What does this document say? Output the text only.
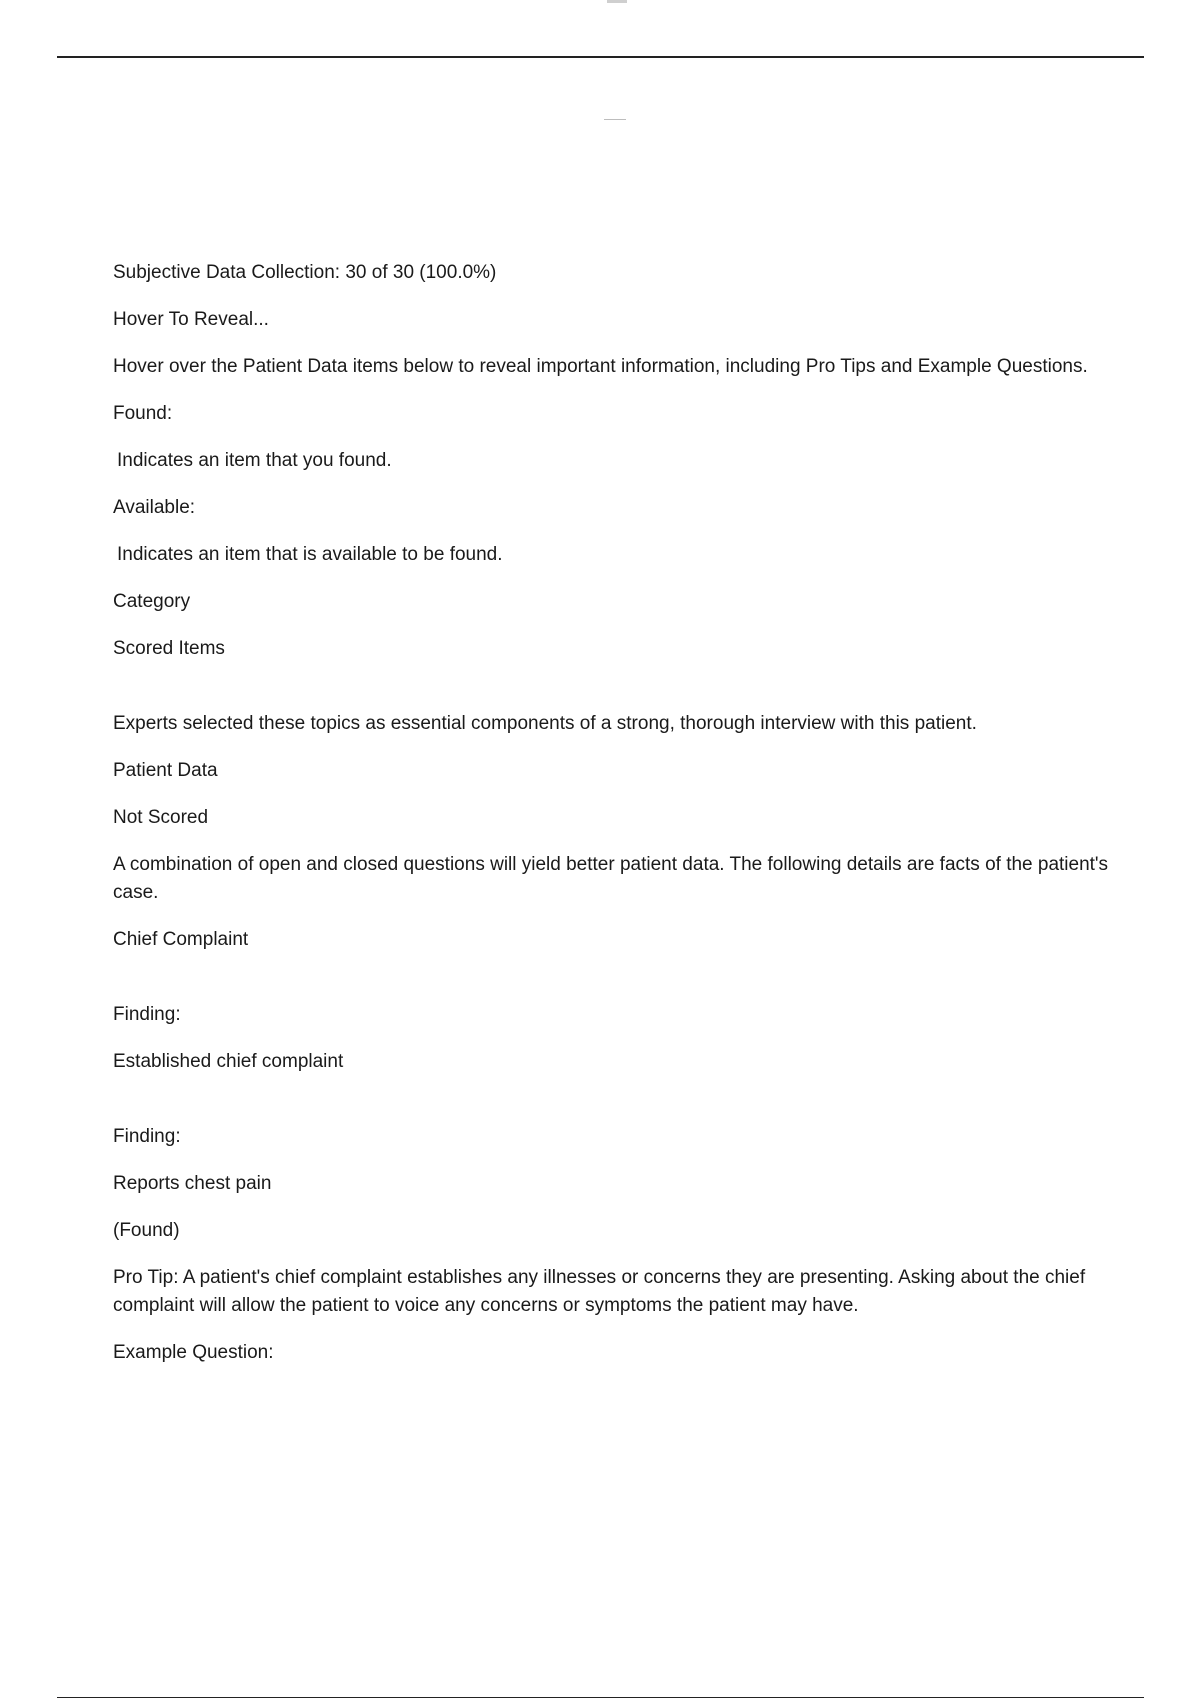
Subjective Data Collection: 30 of 30 (100.0%)

Hover To Reveal...

Hover over the Patient Data items below to reveal important information, including Pro Tips and Example Questions.

Found:

Indicates an item that you found.

Available:

Indicates an item that is available to be found.

Category

Scored Items

Experts selected these topics as essential components of a strong, thorough interview with this patient.

Patient Data

Not Scored

A combination of open and closed questions will yield better patient data. The following details are facts of the patient's case.

Chief Complaint

Finding:

Established chief complaint

Finding:

Reports chest pain

(Found)

Pro Tip: A patient's chief complaint establishes any illnesses or concerns they are presenting. Asking about the chief complaint will allow the patient to voice any concerns or symptoms the patient may have.

Example Question:
